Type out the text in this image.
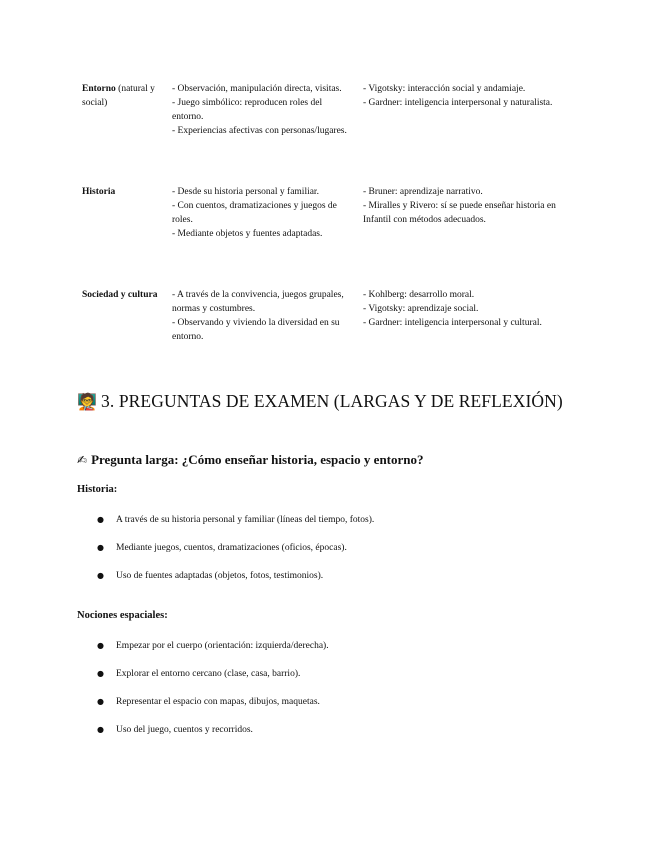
Entorno (natural y social)
- Observación, manipulación directa, visitas.
- Juego simbólico: reproducen roles del entorno.
- Experiencias afectivas con personas/lugares.
- Vigotsky: interacción social y andamiaje.
- Gardner: inteligencia interpersonal y naturalista.
Historia	- Desde su historia personal y familiar.
- Con cuentos, dramatizaciones y juegos de roles.
- Mediante objetos y fuentes adaptadas.
- Bruner: aprendizaje narrativo.
- Miralles y Rivero: sí se puede enseñar historia en Infantil con métodos adecuados.
Sociedad y cultura	- A través de la convivencia, juegos grupales, normas y costumbres.
- Observando y viviendo la diversidad en su entorno.
- Kohlberg: desarrollo moral.
- Vigotsky: aprendizaje social.
- Gardner: inteligencia interpersonal y cultural.
🧑‍🏫 3. PREGUNTAS DE EXAMEN (LARGAS Y DE REFLEXIÓN)
✍ Pregunta larga: ¿Cómo enseñar historia, espacio y entorno?

Historia:

● A través de su historia personal y familiar (líneas del tiempo, fotos).
● Mediante juegos, cuentos, dramatizaciones (oficios, épocas).
● Uso de fuentes adaptadas (objetos, fotos, testimonios).

Nociones espaciales:

● Empezar por el cuerpo (orientación: izquierda/derecha).
● Explorar el entorno cercano (clase, casa, barrio).
● Representar el espacio con mapas, dibujos, maquetas.
● Uso del juego, cuentos y recorridos.
